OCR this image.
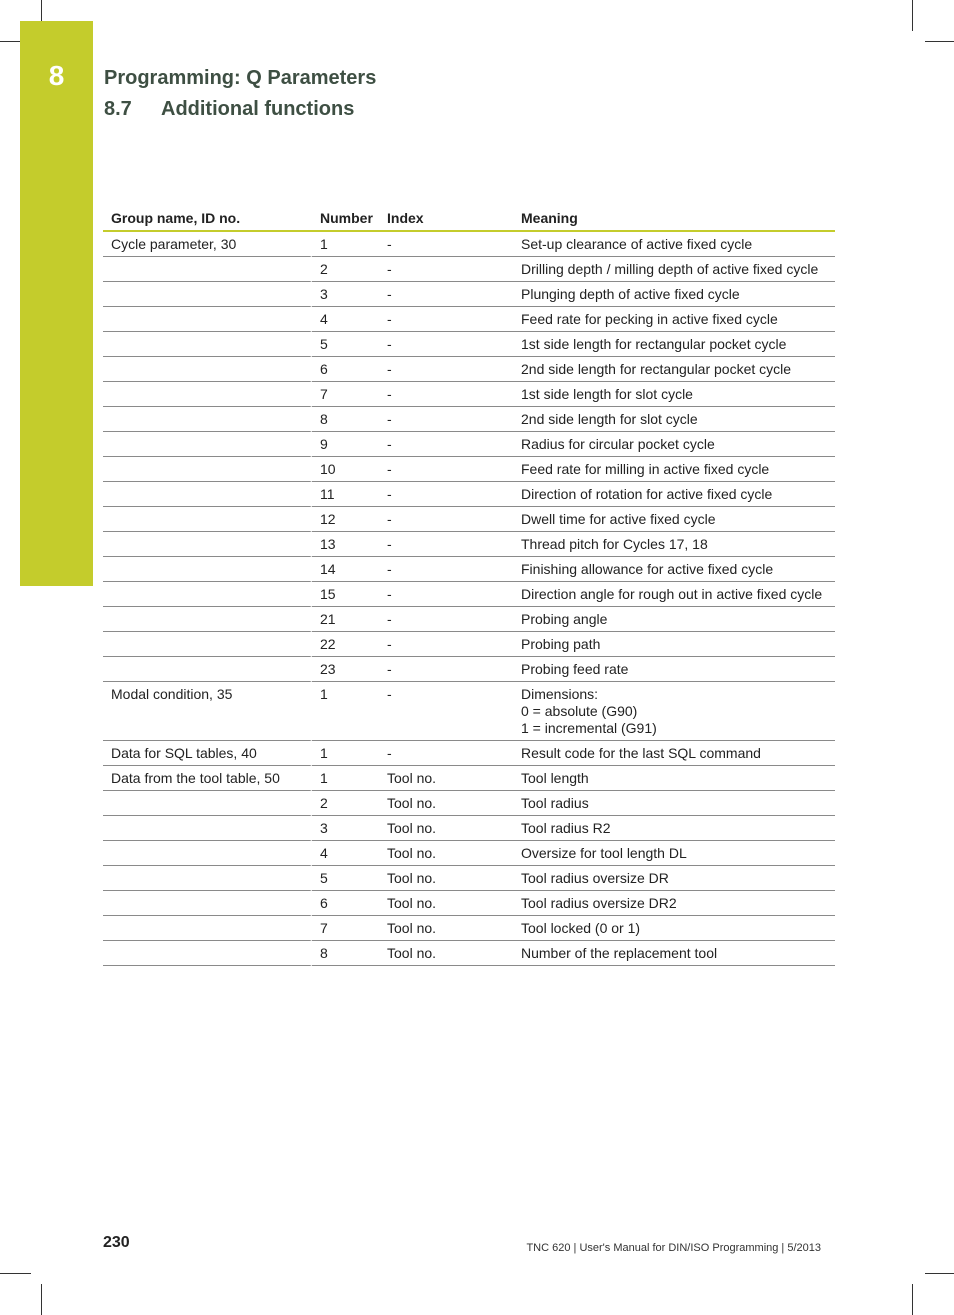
8	Programming: Q Parameters
8.7 Additional functions
Group name, ID no.	Number	Index	Meaning

Cycle parameter, 30	1	-	Set-up clearance of active fixed cycle

	2	-	Drilling depth / milling depth of active fixed cycle

	3	-	Plunging depth of active fixed cycle

	4	-	Feed rate for pecking in active fixed cycle

	5	-	1st side length for rectangular pocket cycle

	6	-	2nd side length for rectangular pocket cycle

	7	-	1st side length for slot cycle

	8	-	2nd side length for slot cycle

	9	-	Radius for circular pocket cycle

	10	-	Feed rate for milling in active fixed cycle

	11	-	Direction of rotation for active fixed cycle

	12	-	Dwell time for active fixed cycle

	13	-	Thread pitch for Cycles 17, 18

	14	-	Finishing allowance for active fixed cycle

	15	-	Direction angle for rough out in active fixed cycle

	21	-	Probing angle

	22	-	Probing path

	23	-	Probing feed rate

Modal condition, 35	1	-	Dimensions:
0 = absolute (G90)
1 = incremental (G91)

Data for SQL tables, 40	1	-	Result code for the last SQL command

Data from the tool table, 50	1	Tool no.	Tool length

	2	Tool no.	Tool radius

	3	Tool no.	Tool radius R2

	4	Tool no.	Oversize for tool length DL

	5	Tool no.	Tool radius oversize DR

	6	Tool no.	Tool radius oversize DR2

	7	Tool no.	Tool locked (0 or 1)

	8	Tool no.	Number of the replacement tool
230	TNC 620 | User's Manual for DIN/ISO Programming | 5/2013
